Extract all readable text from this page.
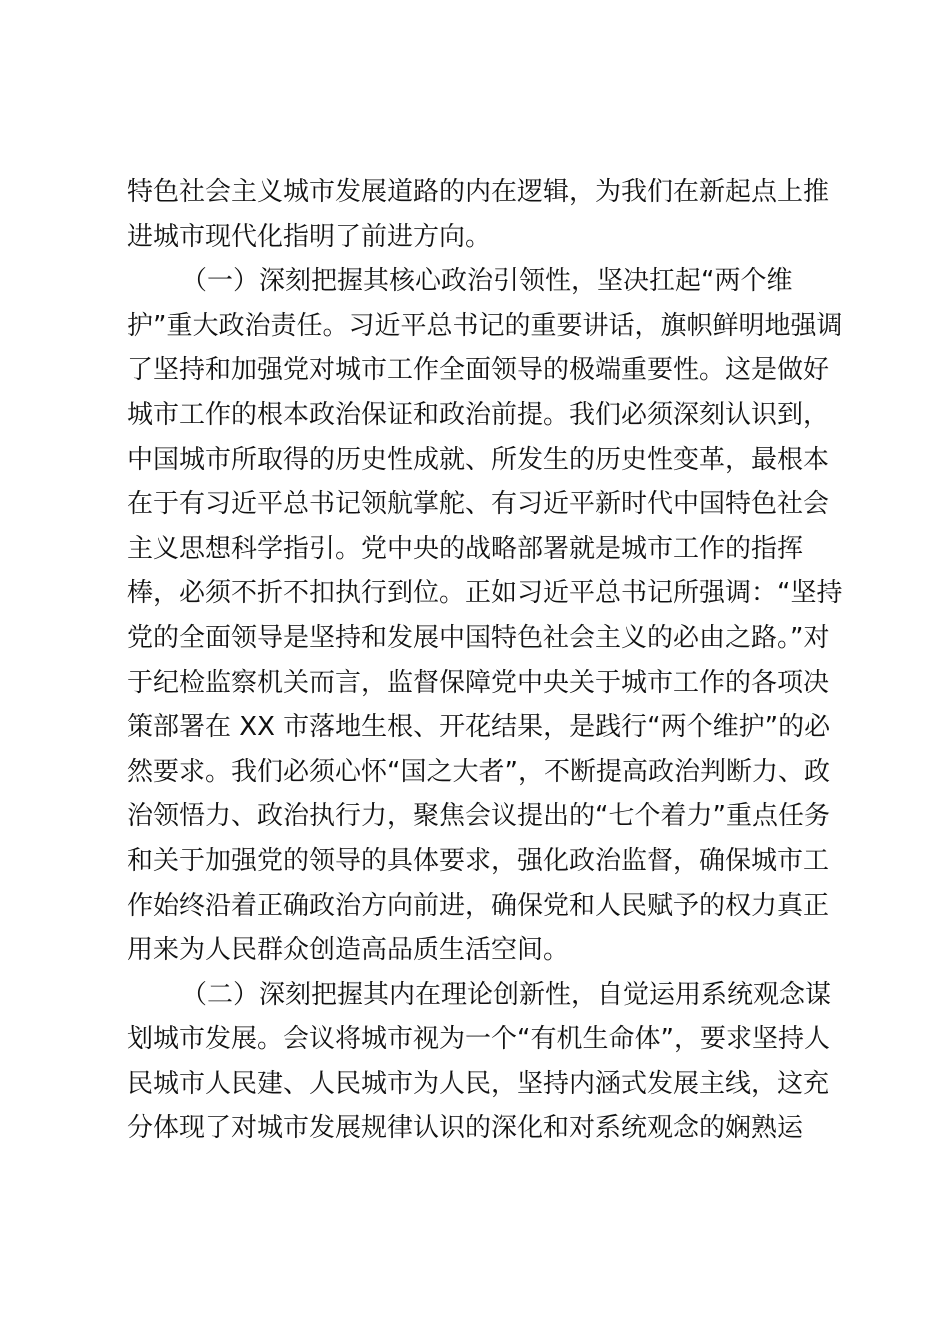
特色社会主义城市发展道路的内在逻辑，为我们在新起点上推
进城市现代化指明了前进方向。
（一）深刻把握其核心政治引领性，坚决扛起“两个维
护”重大政治责任。习近平总书记的重要讲话，旗帜鲜明地强调
了坚持和加强党对城市工作全面领导的极端重要性。这是做好
城市工作的根本政治保证和政治前提。我们必须深刻认识到，
中国城市所取得的历史性成就、所发生的历史性变革，最根本
在于有习近平总书记领航掌舵、有习近平新时代中国特色社会
主义思想科学指引。党中央的战略部署就是城市工作的指挥
棒，必须不折不扣执行到位。正如习近平总书记所强调：“坚持
党的全面领导是坚持和发展中国特色社会主义的必由之路。”对
于纪检监察机关而言，监督保障党中央关于城市工作的各项决
策部署在 XX 市落地生根、开花结果，是践行“两个维护”的必
然要求。我们必须心怀“国之大者”，不断提高政治判断力、政
治领悟力、政治执行力，聚焦会议提出的“七个着力”重点任务
和关于加强党的领导的具体要求，强化政治监督，确保城市工
作始终沿着正确政治方向前进，确保党和人民赋予的权力真正
用来为人民群众创造高品质生活空间。
（二）深刻把握其内在理论创新性，自觉运用系统观念谋
划城市发展。会议将城市视为一个“有机生命体”，要求坚持人
民城市人民建、人民城市为人民，坚持内涵式发展主线，这充
分体现了对城市发展规律认识的深化和对系统观念的娴熟运
